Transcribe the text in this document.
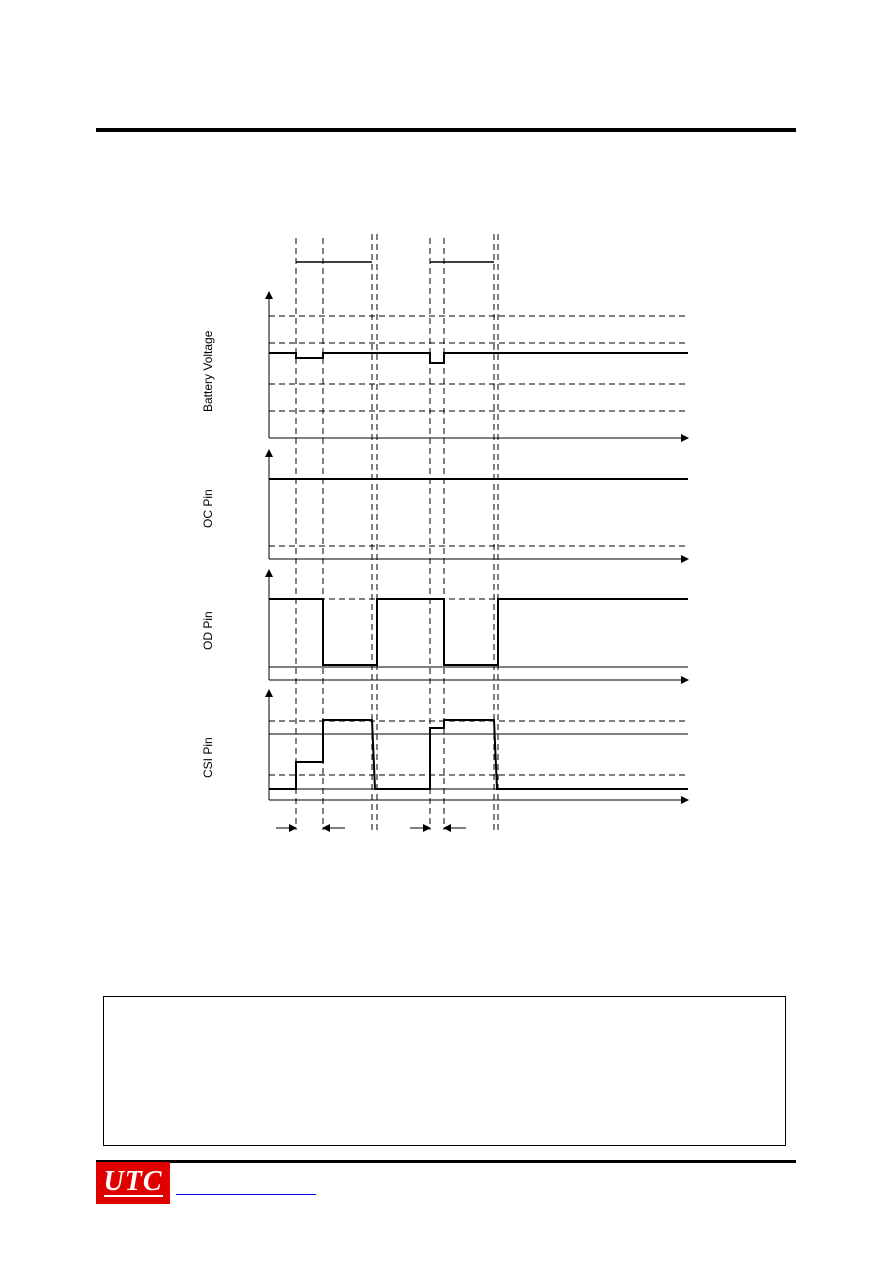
Battery Voltage
OC Pin
OD Pin
CSI Pin
UTC
